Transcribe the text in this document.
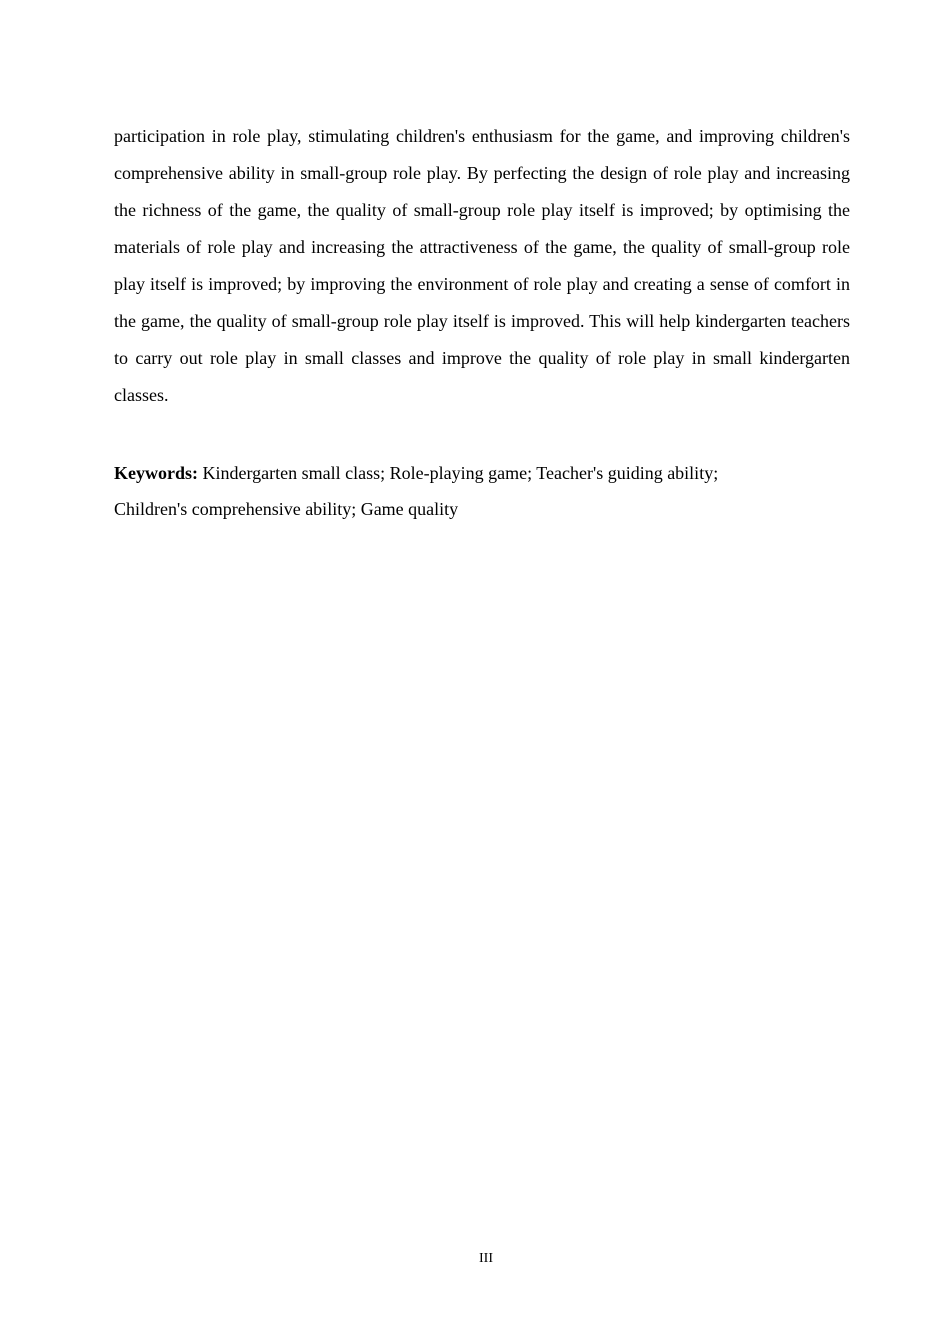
participation in role play, stimulating children's enthusiasm for the game, and improving children's comprehensive ability in small-group role play. By perfecting the design of role play and increasing the richness of the game, the quality of small-group role play itself is improved; by optimising the materials of role play and increasing the attractiveness of the game, the quality of small-group role play itself is improved; by improving the environment of role play and creating a sense of comfort in the game, the quality of small-group role play itself is improved. This will help kindergarten teachers to carry out role play in small classes and improve the quality of role play in small kindergarten classes.

Keywords: Kindergarten small class; Role-playing game; Teacher's guiding ability;
Children's comprehensive ability; Game quality

III
